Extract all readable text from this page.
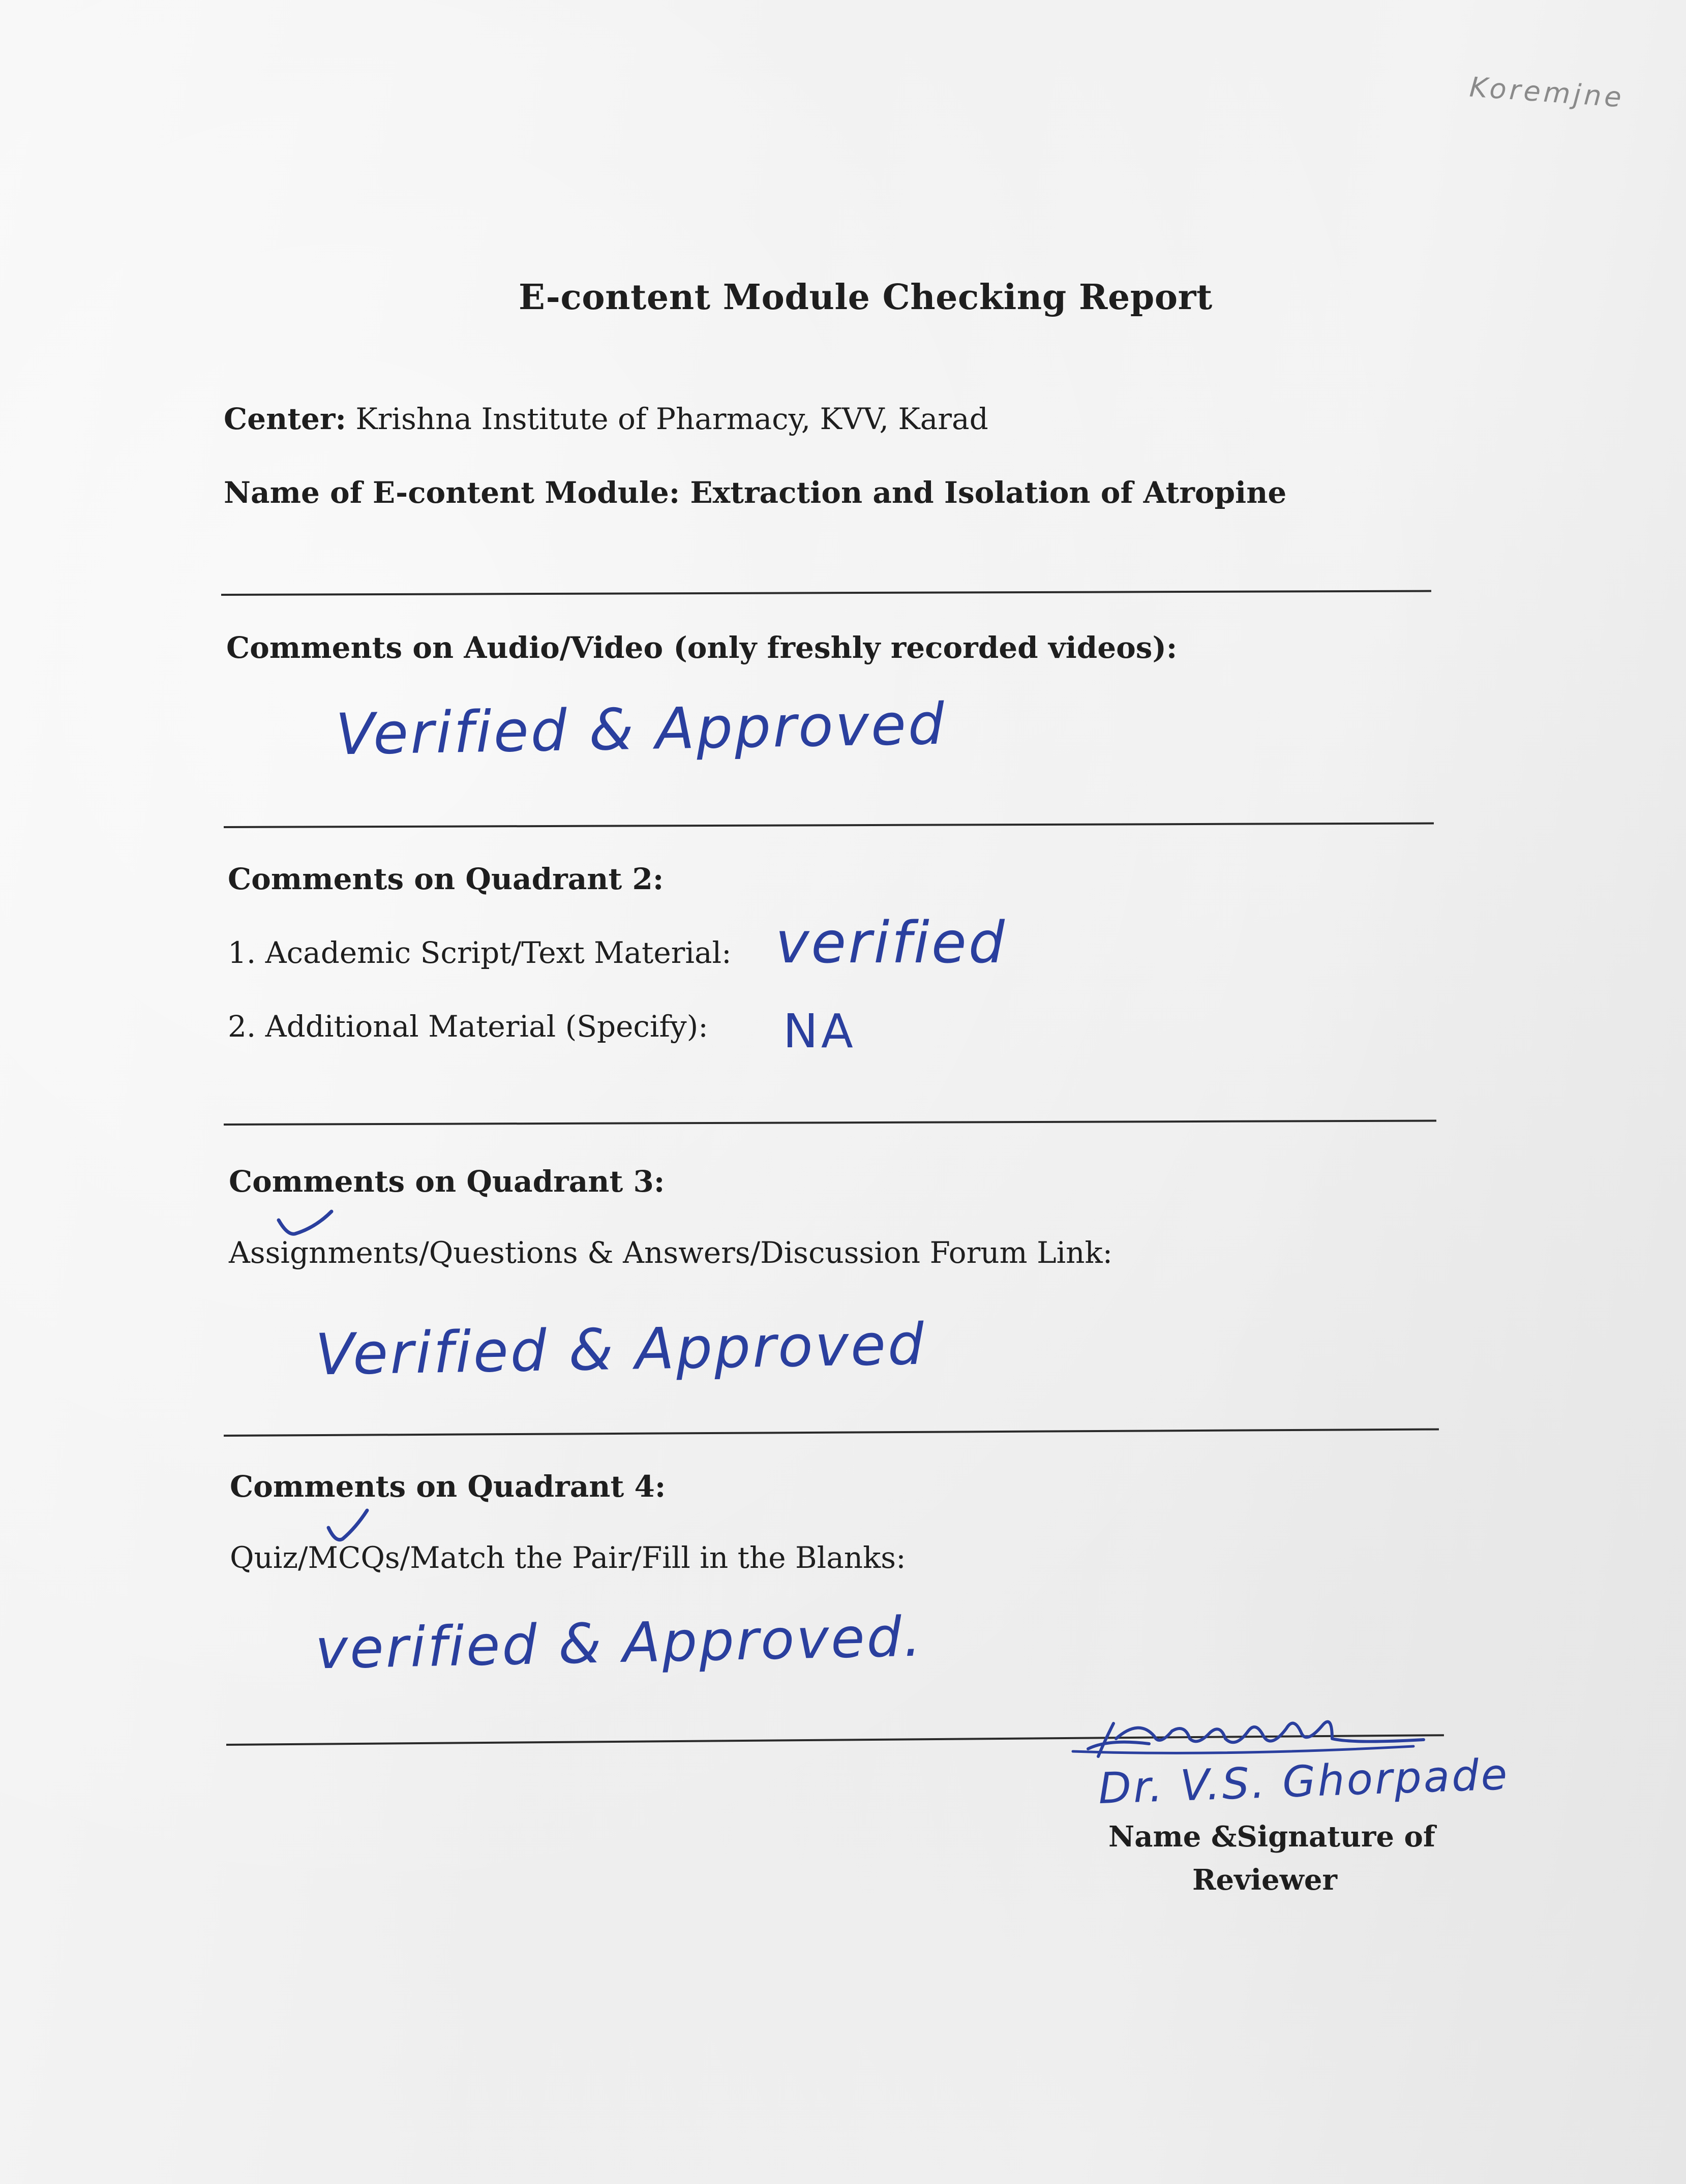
Koremjne
E-content Module Checking Report
Center: Krishna Institute of Pharmacy, KVV, Karad
Name of E-content Module: Extraction and Isolation of Atropine
Comments on Audio/Video (only freshly recorded videos):
Verified & Approved
Comments on Quadrant 2:
1. Academic Script/Text Material: verified
2. Additional Material (Specify): NA
Comments on Quadrant 3:
Assignments/Questions & Answers/Discussion Forum Link:
Verified & Approved
Comments on Quadrant 4:
Quiz/MCQs/Match the Pair/Fill in the Blanks:
verified & Approved.
Dr. V.S. Ghorpade
Name &Signature of
Reviewer
